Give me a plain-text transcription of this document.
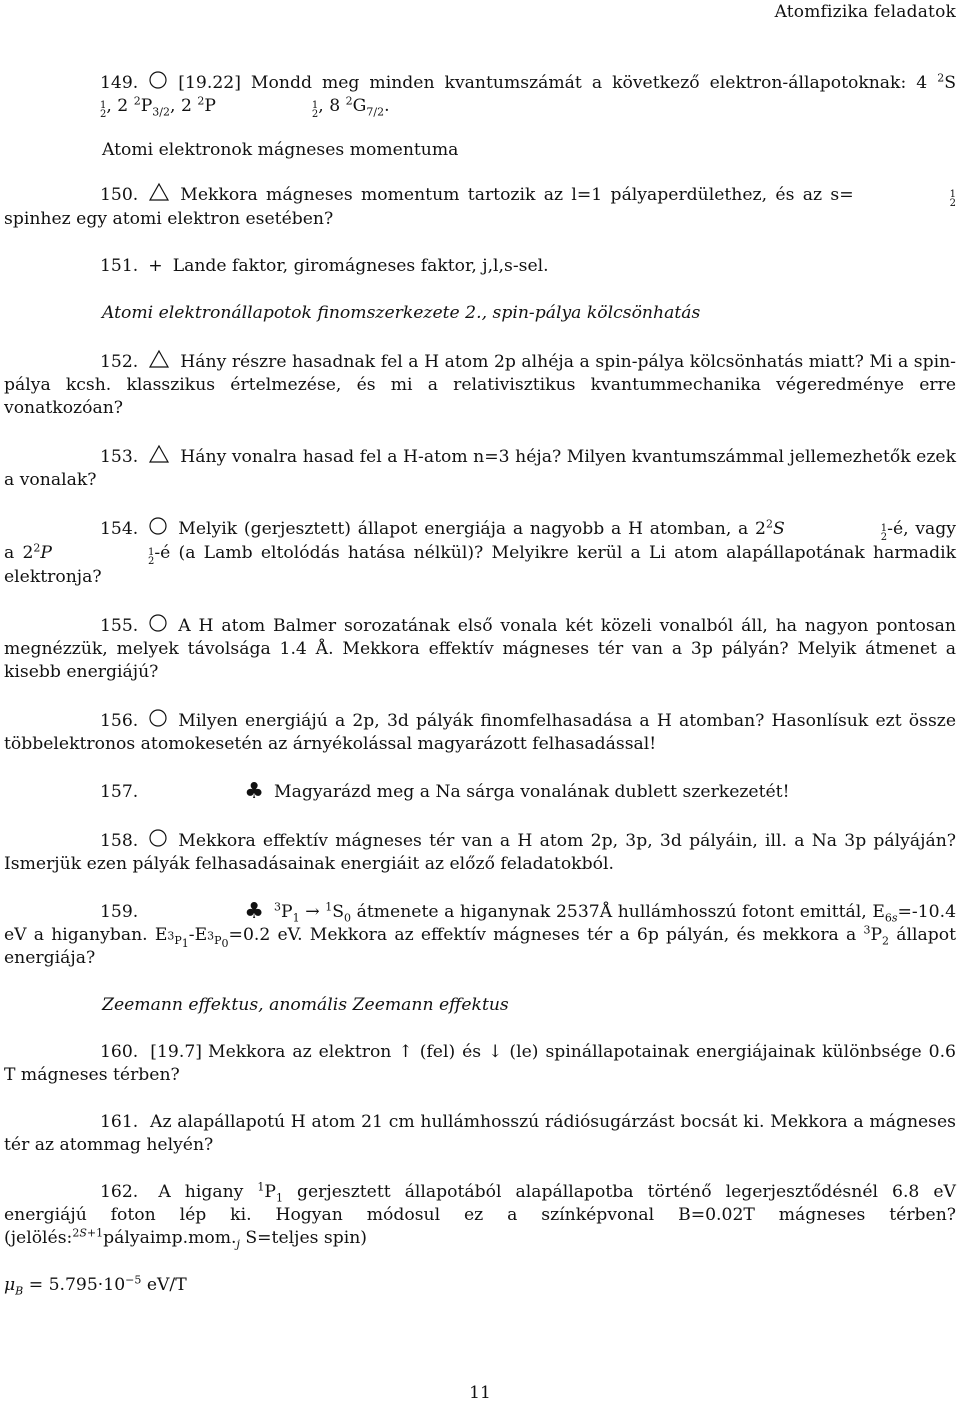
Atomfizika feladatok

149. [19.22] Mondd meg minden kvantumszámát a következő elektron-állapotoknak: 4 $^2$S
1
2 , 2 $^2P_{3/2}$, 2 $^2$P	1
2 , 8 $^2G_{7/2}$.

Atomi elektronok mágneses momentuma

150. Mekkora mágneses momentum tartozik az l=1 pályaperdülethez, és az s=	1
2
spinhez egy atomi elektron esetében?

151. + Lande faktor, giromágneses faktor, j,l,s-sel.

Atomi elektronállapotok finomszerkezete 2., spin-pálya kölcsönhatás

152. Hány részre hasadnak fel a H atom 2p alhéja a spin-pálya kölcsönhatás miatt? Mi a spin-pálya kcsh. klasszikus értelmezése, és mi a relativisztikus kvantummechanika végeredménye erre vonatkozóan?

153. Hány vonalra hasad fel a H-atom n=3 héja? Milyen kvantumszámmal jellemezhetők ezek a vonalak?

154. Melyik (gerjesztett) állapot energiája a nagyobb a H atomban, a $2^2S$	1
2 -é, vagy a $2^2P$	1
2 -é (a Lamb eltolódás hatása nélkül)? Melyikre kerül a Li atom alapállapotának harmadik elektronja?

155. A H atom Balmer sorozatának első vonala két közeli vonalból áll, ha nagyon pontosan megnézzük, melyek távolsága 1.4 Å. Mekkora effektív mágneses tér van a 3p pályán? Melyik átmenet a kisebb energiájú?

156. Milyen energiájú a 2p, 3d pályák finomfelhasadása a H atomban? Hasonlísuk ezt össze többelektronos atomokesetén az árnyékolással magyarázott felhasadással!

157.	♣ Magyarázd meg a Na sárga vonalának dublett szerkezetét!

158. Mekkora effektív mágneses tér van a H atom 2p, 3p, 3d pályáin, ill. a Na 3p pályáján? Ismerjük ezen pályák felhasadásainak energiáit az előző feladatokból.

159.	♣ $^3P_1 \to ^1S_0$ átmenete a higanynak 2537Å hullámhosszú fotont emittál, $E_{6s}=-10.4$ eV a higanyban. $E_{^3P_1}-E_{^3P_0}=0.2$ eV. Mekkora az effektív mágneses tér a 6p pályán, és mekkora a $^3P_2$ állapot energiája?

Zeemann effektus, anomális Zeemann effektus

160. [19.7] Mekkora az elektron ↑ (fel) és ↓ (le) spinállapotainak energiájainak különbsége 0.6 T mágneses térben?

161. Az alapállapotú H atom 21 cm hullámhosszú rádiósugárzást bocsát ki. Mekkora a mágneses tér az atommag helyén?

162. A higany $^1P_1$ gerjesztett állapotából alapállapotba történő legerjesztődésnél 6.8 eV energiájú foton lép ki. Hogyan módosul ez a színképvonal B=0.02T mágneses térben? ($jelölés:^{2S+1}pályaimp.mom._j$ S=teljes spin)

$\mu_B = 5.795\cdot 10^{-5}$ eV/T

11
